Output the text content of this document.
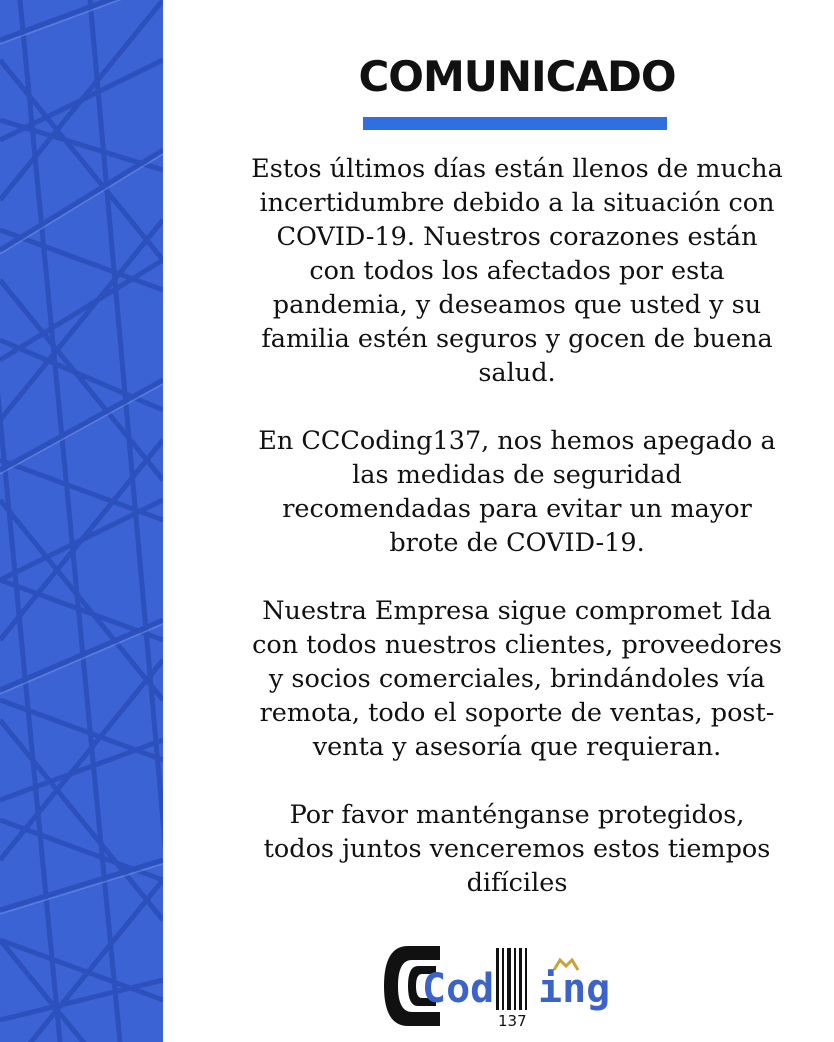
COMUNICADO

Estos últimos días están llenos de mucha
incertidumbre debido a la situación con
COVID-19. Nuestros corazones están
con todos los afectados por esta
pandemia, y deseamos que usted y su
familia estén seguros y gocen de buena
salud.

En CCCoding137, nos hemos apegado a
las medidas de seguridad
recomendadas para evitar un mayor
brote de COVID-19.

Nuestra Empresa sigue compromet Ida
con todos nuestros clientes, proveedores
y socios comerciales, brindándoles vía
remota, todo el soporte de ventas, post-
venta y asesoría que requieran.

Por favor manténganse protegidos,
todos juntos venceremos estos tiempos
difíciles

Cod ing
137
